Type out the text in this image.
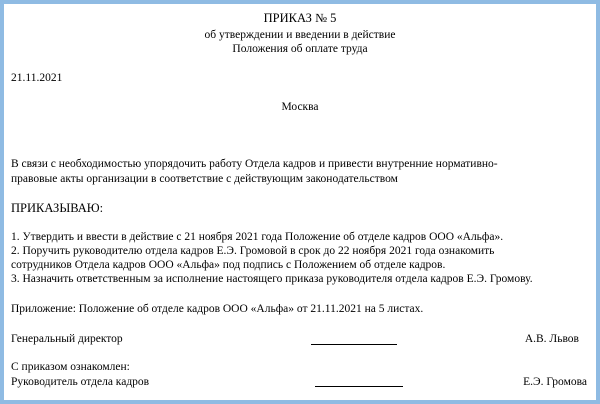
ПРИКАЗ № 5
об утверждении и введении в действие
Положения об оплате труда
21.11.2021
Москва
В связи с необходимостью упорядочить работу Отдела кадров и привести внутренние нормативно-
правовые акты организации в соответствие с действующим законодательством
ПРИКАЗЫВАЮ:
1. Утвердить и ввести в действие с 21 ноября 2021 года Положение об отделе кадров ООО «Альфа».
2. Поручить руководителю отдела кадров Е.Э. Громовой в срок до 22 ноября 2021 года ознакомить
сотрудников Отдела кадров ООО «Альфа» под подпись с Положением об отделе кадров.
3. Назначить ответственным за исполнение настоящего приказа руководителя отдела кадров Е.Э. Громову.
Приложение: Положение об отделе кадров ООО «Альфа» от 21.11.2021 на 5 листах.
Генеральный директор	А.В. Львов
С приказом ознакомлен:
Руководитель отдела кадров	Е.Э. Громова
